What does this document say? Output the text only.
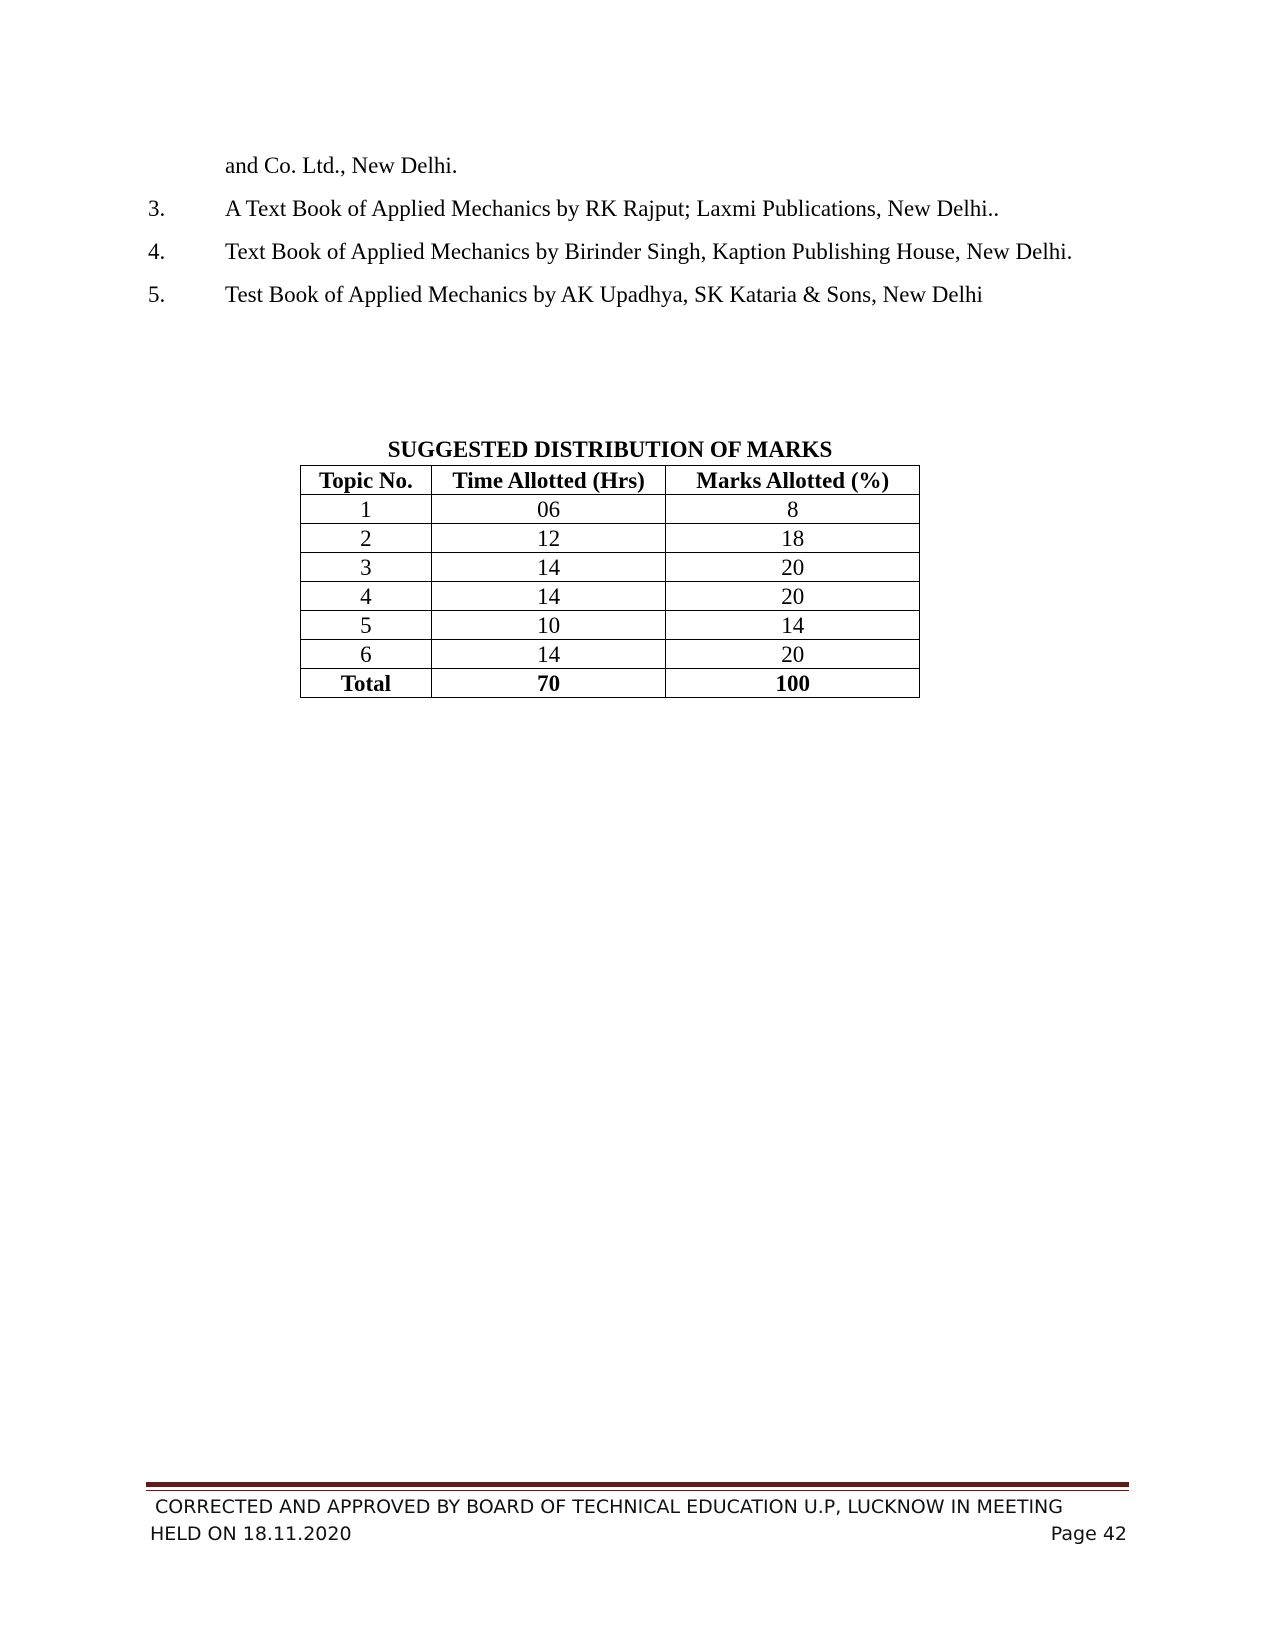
and Co. Ltd., New Delhi.
3.	A Text Book of Applied Mechanics by RK Rajput; Laxmi Publications, New Delhi..
4.	Text Book of Applied Mechanics by Birinder Singh, Kaption Publishing House, New Delhi.
5.	Test Book of Applied Mechanics by AK Upadhya, SK Kataria & Sons, New Delhi
SUGGESTED DISTRIBUTION OF MARKS
Topic No.	Time Allotted (Hrs)	Marks Allotted (%)
1	06	8
2	12	18
3	14	20
4	14	20
5	10	14
6	14	20
Total	70	100
CORRECTED AND APPROVED BY BOARD OF TECHNICAL EDUCATION U.P, LUCKNOW IN MEETING
HELD ON 18.11.2020	Page 42
